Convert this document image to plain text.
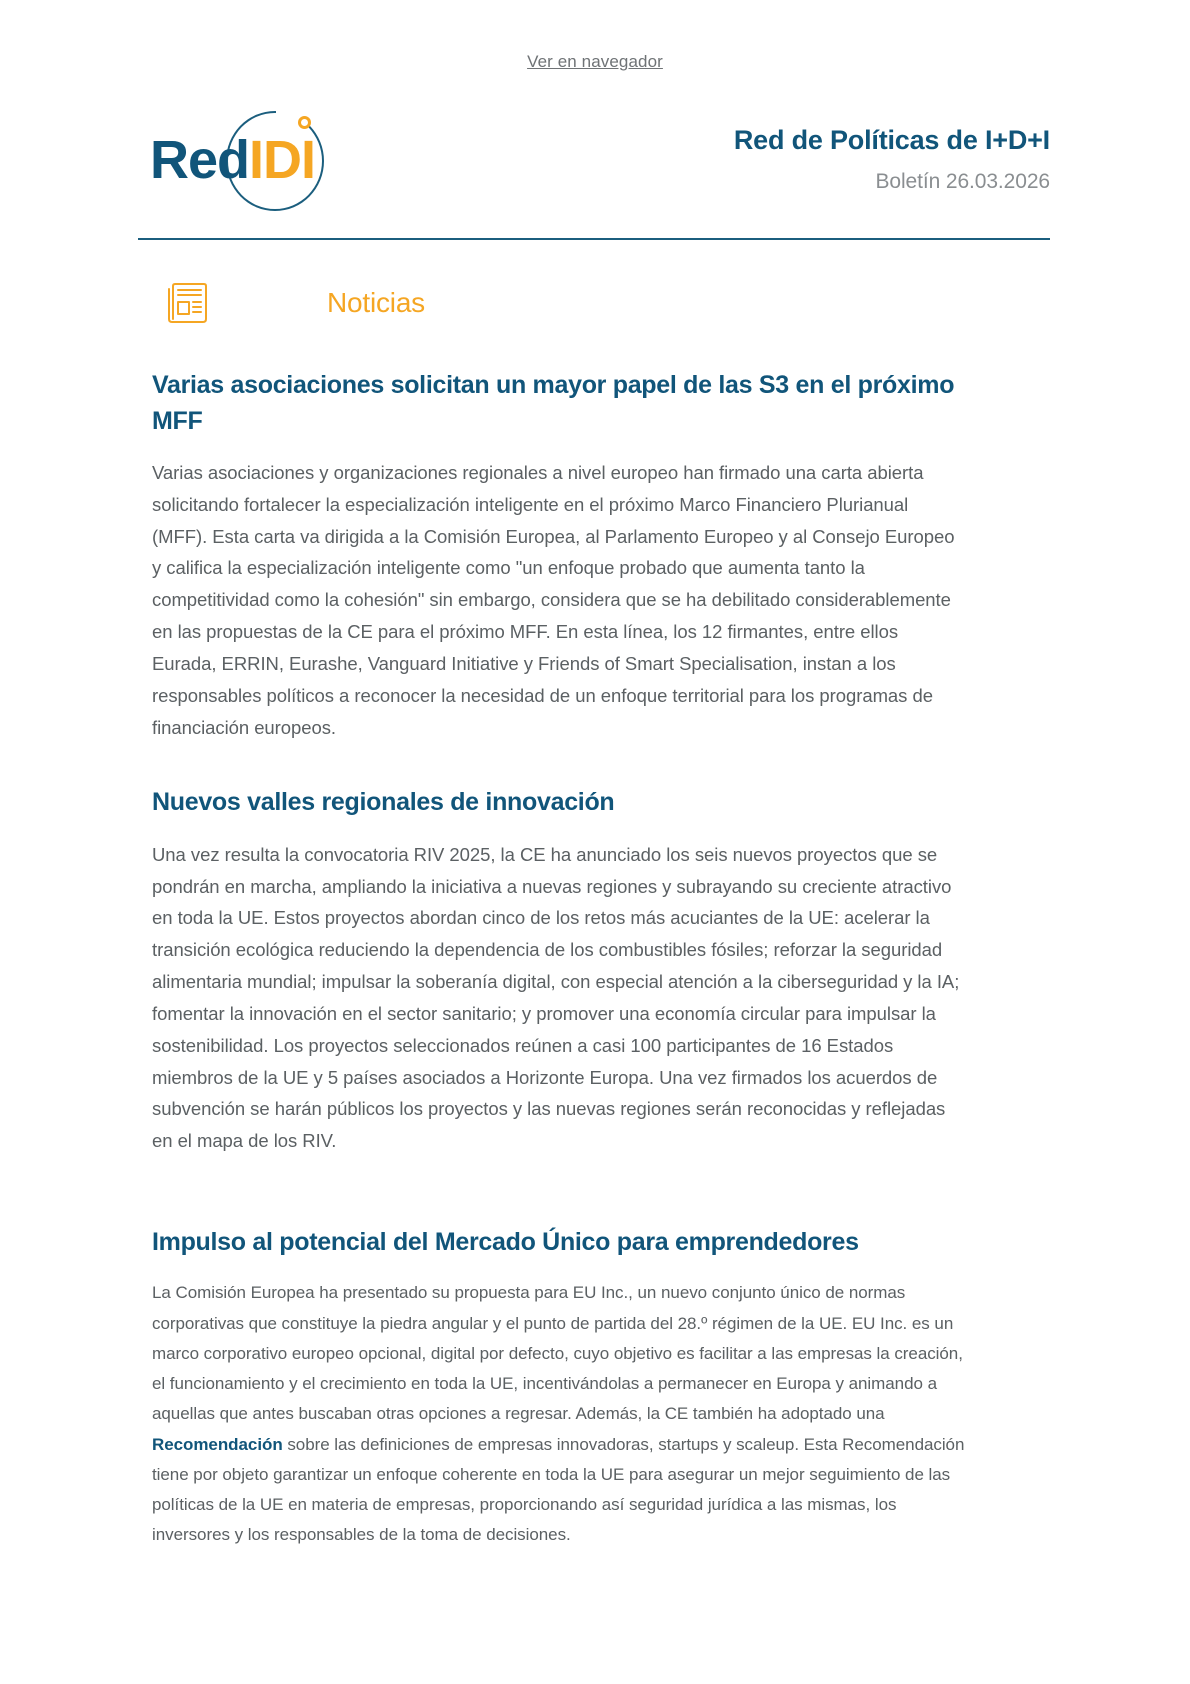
Ver en navegador
RedIDI	Red de Políticas de I+D+I
Boletín 26.03.2026
Noticias
Varias asociaciones solicitan un mayor papel de las S3 en el próximo MFF

Varias asociaciones y organizaciones regionales a nivel europeo han firmado una carta abierta solicitando fortalecer la especialización inteligente en el próximo Marco Financiero Plurianual (MFF). Esta carta va dirigida a la Comisión Europea, al Parlamento Europeo y al Consejo Europeo y califica la especialización inteligente como "un enfoque probado que aumenta tanto la competitividad como la cohesión" sin embargo, considera que se ha debilitado considerablemente en las propuestas de la CE para el próximo MFF. En esta línea, los 12 firmantes, entre ellos Eurada, ERRIN, Eurashe, Vanguard Initiative y Friends of Smart Specialisation, instan a los responsables políticos a reconocer la necesidad de un enfoque territorial para los programas de financiación europeos.

Nuevos valles regionales de innovación

Una vez resulta la convocatoria RIV 2025, la CE ha anunciado los seis nuevos proyectos que se pondrán en marcha, ampliando la iniciativa a nuevas regiones y subrayando su creciente atractivo en toda la UE. Estos proyectos abordan cinco de los retos más acuciantes de la UE: acelerar la transición ecológica reduciendo la dependencia de los combustibles fósiles; reforzar la seguridad alimentaria mundial; impulsar la soberanía digital, con especial atención a la ciberseguridad y la IA; fomentar la innovación en el sector sanitario; y promover una economía circular para impulsar la sostenibilidad. Los proyectos seleccionados reúnen a casi 100 participantes de 16 Estados miembros de la UE y 5 países asociados a Horizonte Europa. Una vez firmados los acuerdos de subvención se harán públicos los proyectos y las nuevas regiones serán reconocidas y reflejadas en el mapa de los RIV.

Impulso al potencial del Mercado Único para emprendedores

La Comisión Europea ha presentado su propuesta para EU Inc., un nuevo conjunto único de normas corporativas que constituye la piedra angular y el punto de partida del 28.º régimen de la UE. EU Inc. es un marco corporativo europeo opcional, digital por defecto, cuyo objetivo es facilitar a las empresas la creación, el funcionamiento y el crecimiento en toda la UE, incentivándolas a permanecer en Europa y animando a aquellas que antes buscaban otras opciones a regresar. Además, la CE también ha adoptado una Recomendación sobre las definiciones de empresas innovadoras, startups y scaleup. Esta Recomendación tiene por objeto garantizar un enfoque coherente en toda la UE para asegurar un mejor seguimiento de las políticas de la UE en materia de empresas, proporcionando así seguridad jurídica a las mismas, los inversores y los responsables de la toma de decisiones.
